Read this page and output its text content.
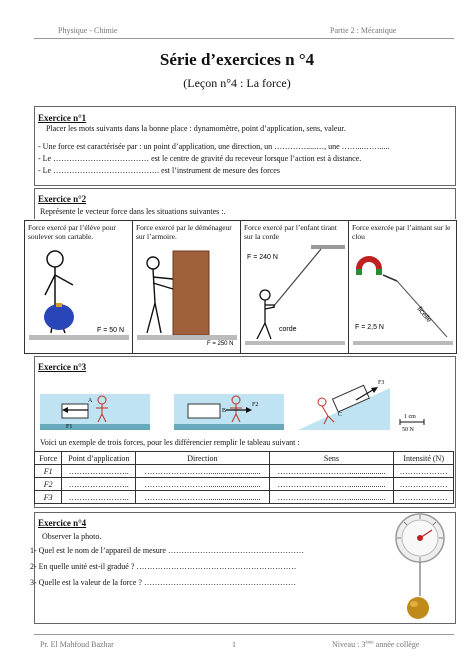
Physique - Chimie	Partie 2 : Mécanique
Série d’exercices n °4
(Leçon n°4 : La force)
Exercice n°1
Placer les mots suivants dans la bonne place : dynamomètre, point d’application, sens, valeur.
- Une force est caractérisée par : un point d’application, une direction, un ………….....…, une ……...…….....
- Le ……………………………… est le centre de gravité du receveur lorsque l’action est à distance.
- Le …………………………………. est l’instrument de mesure des forces
Exercice n°2
Représente le vecteur force dans les situations suivantes :.
Force exercé par l’élève pour soulever son cartable.
F = 50 N

Force exercé par le déménageur sur l’armoire.
F = 250 N

Force exercé par l’enfant tirant sur la corde
F = 240 N
corde

Force exercée par l’aimant sur le clou
ficelle
F = 2,5 N
Exercice n°3
F1
A
B
F2
F3
C	1 cm
50 N
Voici un exemple de trois forces, pour les différencier remplir le tableau suivant :
Force	Point d’application	Direction	Sens	Intensité (N)
F1	…………………..	……………………..........................	………………………..................	………………
F2	…………………..	……………………..........................	………………………..................	………………
F3	…………………..	……………………..........................	………………………..................	………………
Exercice n°4
Observer la photo.
1- Quel est le nom de l’appareil de mesure ……………………………………………
2- En quelle unité est-il gradué ? ……………………………………………………
3- Quelle est la valeur de la force ? …………………………………………………
Pr. El Mahfoud Bazhar	1	Niveau : 3ème année collège
